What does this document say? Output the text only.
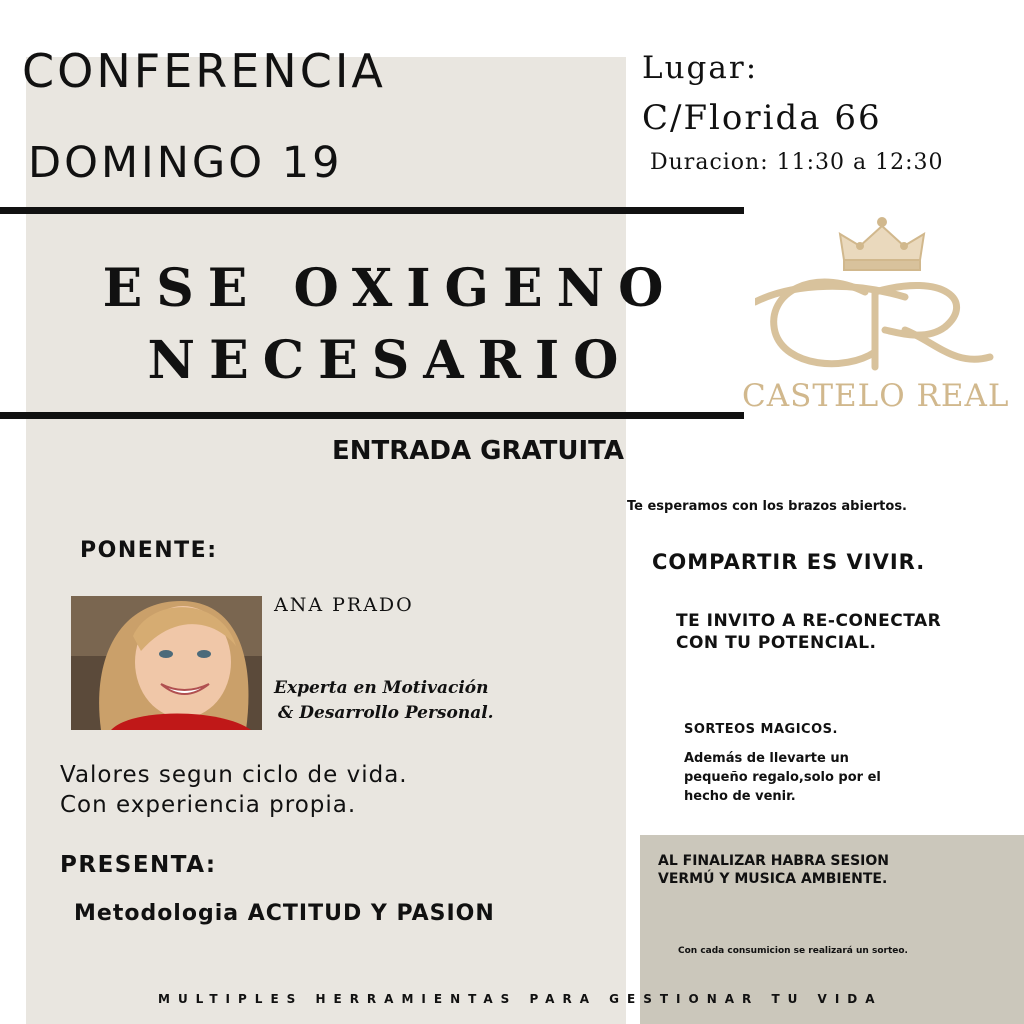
CONFERENCIA
DOMINGO 19
Lugar:
C/Florida 66
Duracion: 11:30 a 12:30
ESE OXIGENO
NECESARIO
CASTELO REAL
ENTRADA GRATUITA
PONENTE:
ANA PRADO
Experta en Motivación
& Desarrollo Personal.
Valores segun ciclo de vida.
Con experiencia propia.
PRESENTA:
Metodologia ACTITUD Y PASION
Te esperamos con los brazos abiertos.
COMPARTIR ES VIVIR.
TE INVITO A RE-CONECTAR
CON TU POTENCIAL.
SORTEOS MAGICOS.
Además de llevarte un
pequeño regalo,solo por el
hecho de venir.
AL FINALIZAR HABRA SESION
VERMÚ Y MUSICA AMBIENTE.
Con cada consumicion se realizará un sorteo.
MULTIPLES HERRAMIENTAS PARA GESTIONAR TU VIDA
